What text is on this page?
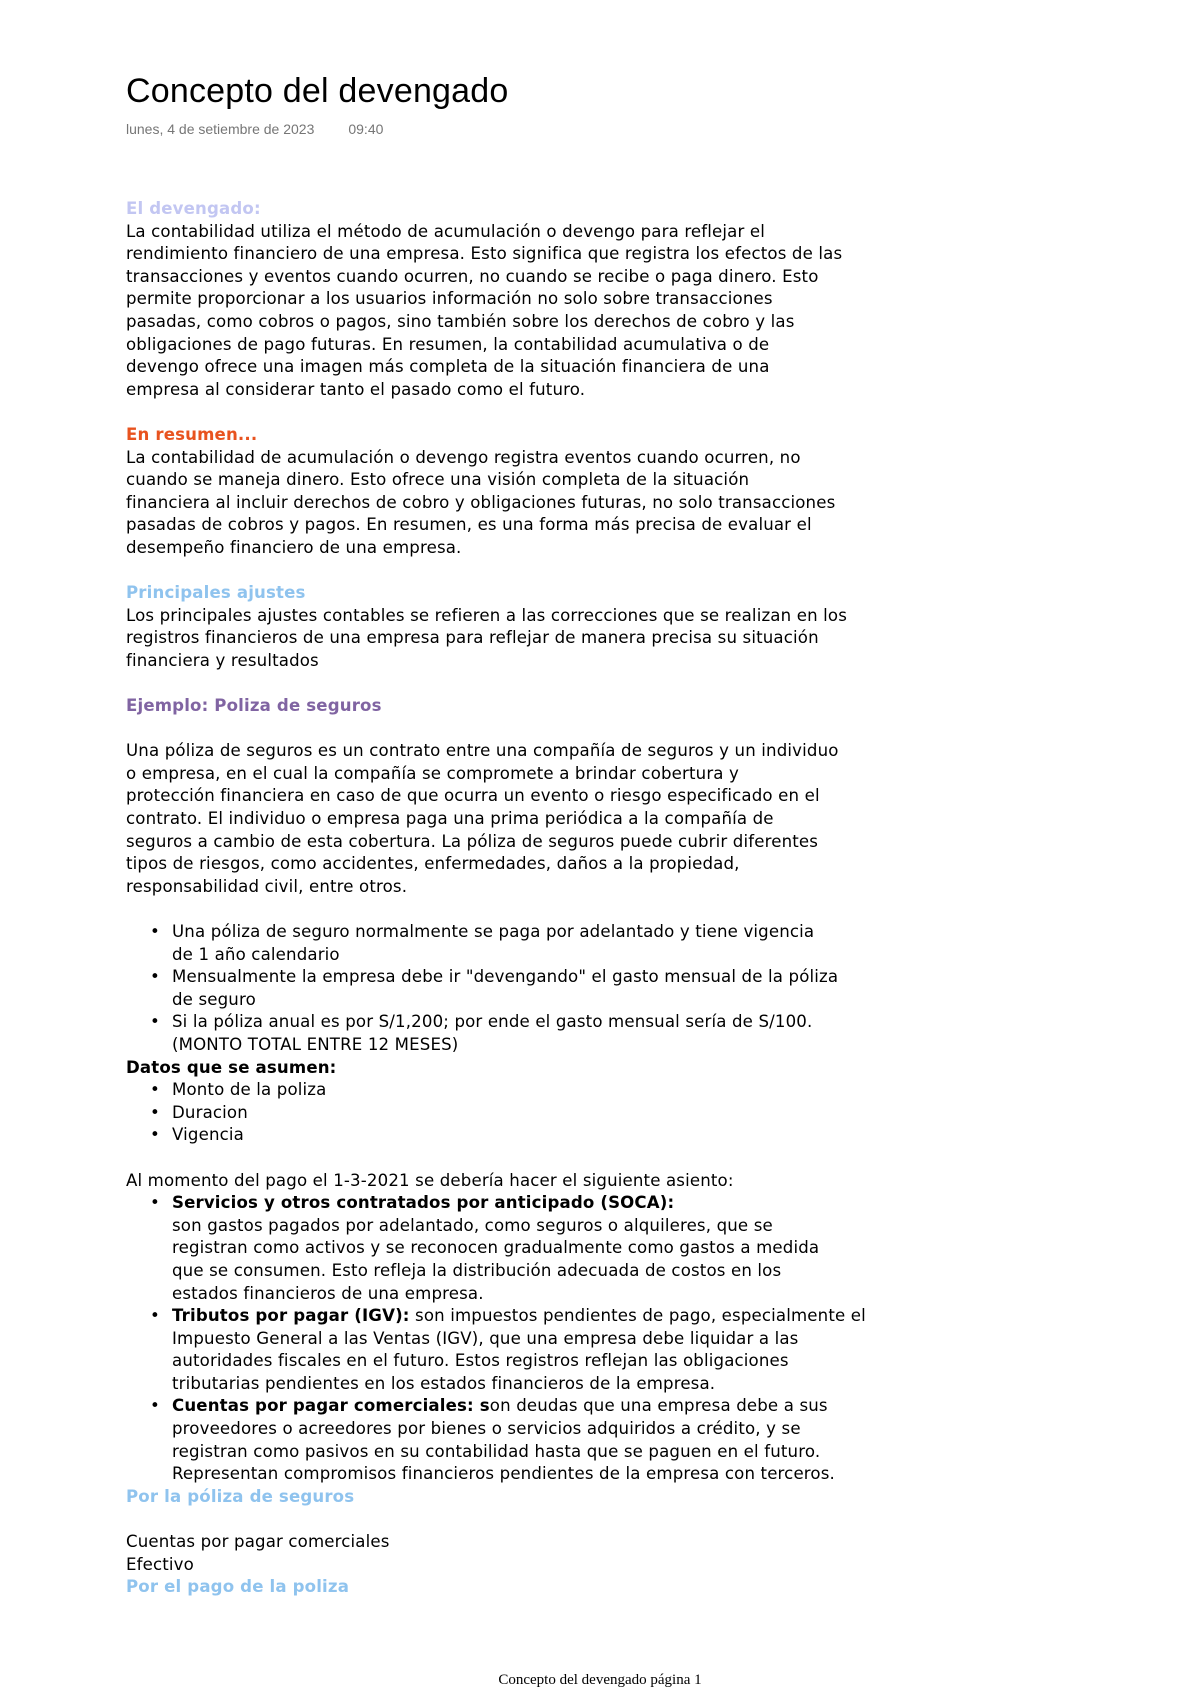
Concepto del devengado
lunes, 4 de setiembre de 2023 09:40

El devengado:

La contabilidad utiliza el método de acumulación o devengo para reflejar el

rendimiento financiero de una empresa. Esto significa que registra los efectos de las

transacciones y eventos cuando ocurren, no cuando se recibe o paga dinero. Esto

permite proporcionar a los usuarios información no solo sobre transacciones

pasadas, como cobros o pagos, sino también sobre los derechos de cobro y las

obligaciones de pago futuras. En resumen, la contabilidad acumulativa o de

devengo ofrece una imagen más completa de la situación financiera de una

empresa al considerar tanto el pasado como el futuro.

En resumen...

La contabilidad de acumulación o devengo registra eventos cuando ocurren, no

cuando se maneja dinero. Esto ofrece una visión completa de la situación

financiera al incluir derechos de cobro y obligaciones futuras, no solo transacciones

pasadas de cobros y pagos. En resumen, es una forma más precisa de evaluar el

desempeño financiero de una empresa.

Principales ajustes

Los principales ajustes contables se refieren a las correcciones que se realizan en los

registros financieros de una empresa para reflejar de manera precisa su situación

financiera y resultados

Ejemplo: Poliza de seguros

Una póliza de seguros es un contrato entre una compañía de seguros y un individuo

o empresa, en el cual la compañía se compromete a brindar cobertura y

protección financiera en caso de que ocurra un evento o riesgo especificado en el

contrato. El individuo o empresa paga una prima periódica a la compañía de

seguros a cambio de esta cobertura. La póliza de seguros puede cubrir diferentes

tipos de riesgos, como accidentes, enfermedades, daños a la propiedad,

responsabilidad civil, entre otros.

• Una póliza de seguro normalmente se paga por adelantado y tiene vigencia
de 1 año calendario
• Mensualmente la empresa debe ir "devengando" el gasto mensual de la póliza
de seguro
• Si la póliza anual es por S/1,200; por ende el gasto mensual sería de S/100.
(MONTO TOTAL ENTRE 12 MESES)

Datos que se asumen:

• Monto de la poliza
• Duracion
• Vigencia

Al momento del pago el 1-3-2021 se debería hacer el siguiente asiento:

• Servicios y otros contratados por anticipado (SOCA):
son gastos pagados por adelantado, como seguros o alquileres, que se
registran como activos y se reconocen gradualmente como gastos a medida
que se consumen. Esto refleja la distribución adecuada de costos en los
estados financieros de una empresa.
• Tributos por pagar (IGV): son impuestos pendientes de pago, especialmente el
Impuesto General a las Ventas (IGV), que una empresa debe liquidar a las
autoridades fiscales en el futuro. Estos registros reflejan las obligaciones
tributarias pendientes en los estados financieros de la empresa.
• Cuentas por pagar comerciales: son deudas que una empresa debe a sus
proveedores o acreedores por bienes o servicios adquiridos a crédito, y se
registran como pasivos en su contabilidad hasta que se paguen en el futuro.
Representan compromisos financieros pendientes de la empresa con terceros.

Por la póliza de seguros

Cuentas por pagar comerciales

Efectivo

Por el pago de la poliza

Concepto del devengado página 1
